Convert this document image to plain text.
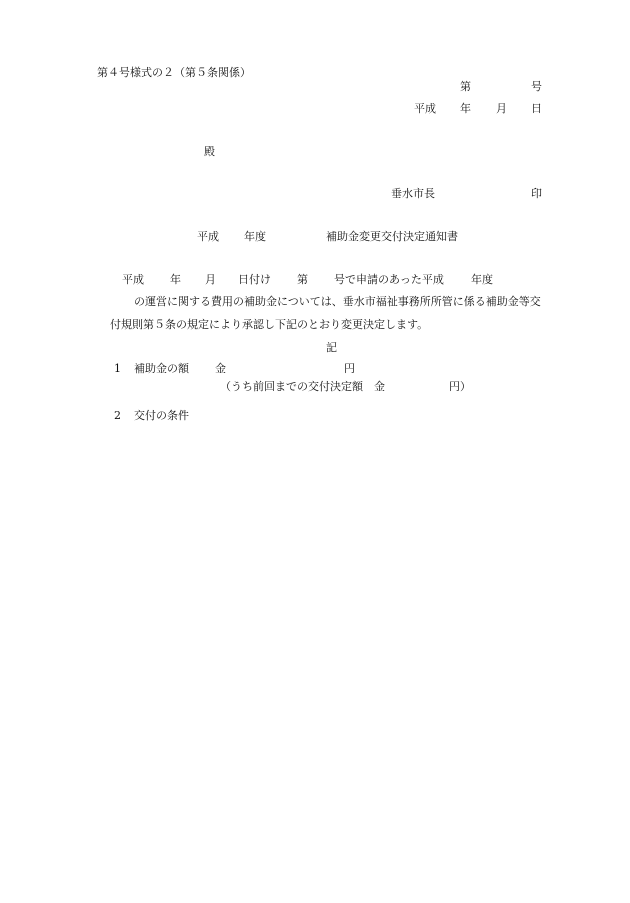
第４号様式の２（第５条関係）
第	号
平成 年 月 日
殿
垂水市長	印
平成 年度	補助金変更交付決定通知書
平成 年 月 日付け 第 号で申請のあった平成 年度
の運営に関する費用の補助金については、垂水市福祉事務所所管に係る補助金等交
付規則第５条の規定により承認し下記のとおり変更決定します。
記
1 補助金の額 金	円
（うち前回までの交付決定額　金	円）
2 交付の条件
